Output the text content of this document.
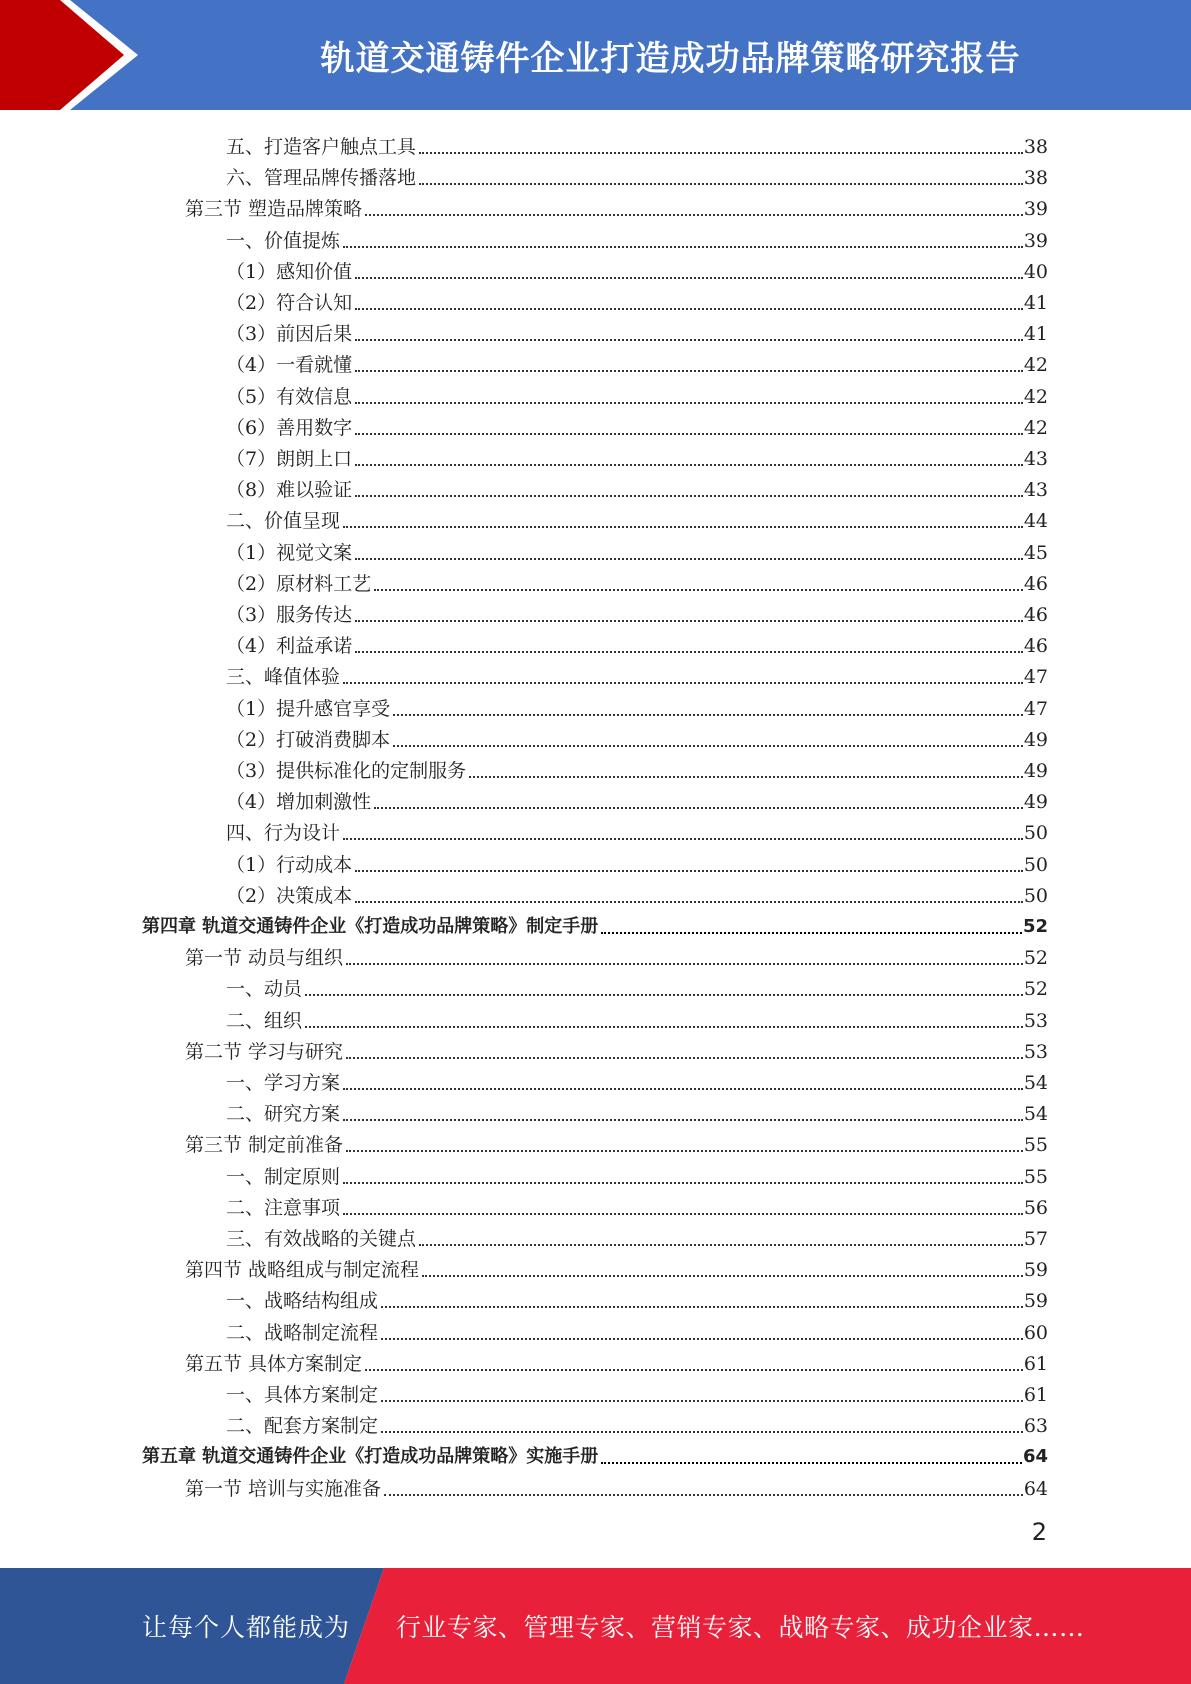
轨道交通铸件企业打造成功品牌策略研究报告
五、打造客户触点工具	38
六、管理品牌传播落地	38
第三节 塑造品牌策略	39
一、价值提炼	39
（1）感知价值	40
（2）符合认知	41
（3）前因后果	41
（4）一看就懂	42
（5）有效信息	42
（6）善用数字	42
（7）朗朗上口	43
（8）难以验证	43
二、价值呈现	44
（1）视觉文案	45
（2）原材料工艺	46
（3）服务传达	46
（4）利益承诺	46
三、峰值体验	47
（1）提升感官享受	47
（2）打破消费脚本	49
（3）提供标准化的定制服务	49
（4）增加刺激性	49
四、行为设计	50
（1）行动成本	50
（2）决策成本	50
第四章 轨道交通铸件企业《打造成功品牌策略》制定手册	52
第一节 动员与组织	52
一、动员	52
二、组织	53
第二节 学习与研究	53
一、学习方案	54
二、研究方案	54
第三节 制定前准备	55
一、制定原则	55
二、注意事项	56
三、有效战略的关键点	57
第四节 战略组成与制定流程	59
一、战略结构组成	59
二、战略制定流程	60
第五节 具体方案制定	61
一、具体方案制定	61
二、配套方案制定	63
第五章 轨道交通铸件企业《打造成功品牌策略》实施手册	64
第一节 培训与实施准备	64
2
让每个人都能成为 行业专家、管理专家、营销专家、战略专家、成功企业家……
